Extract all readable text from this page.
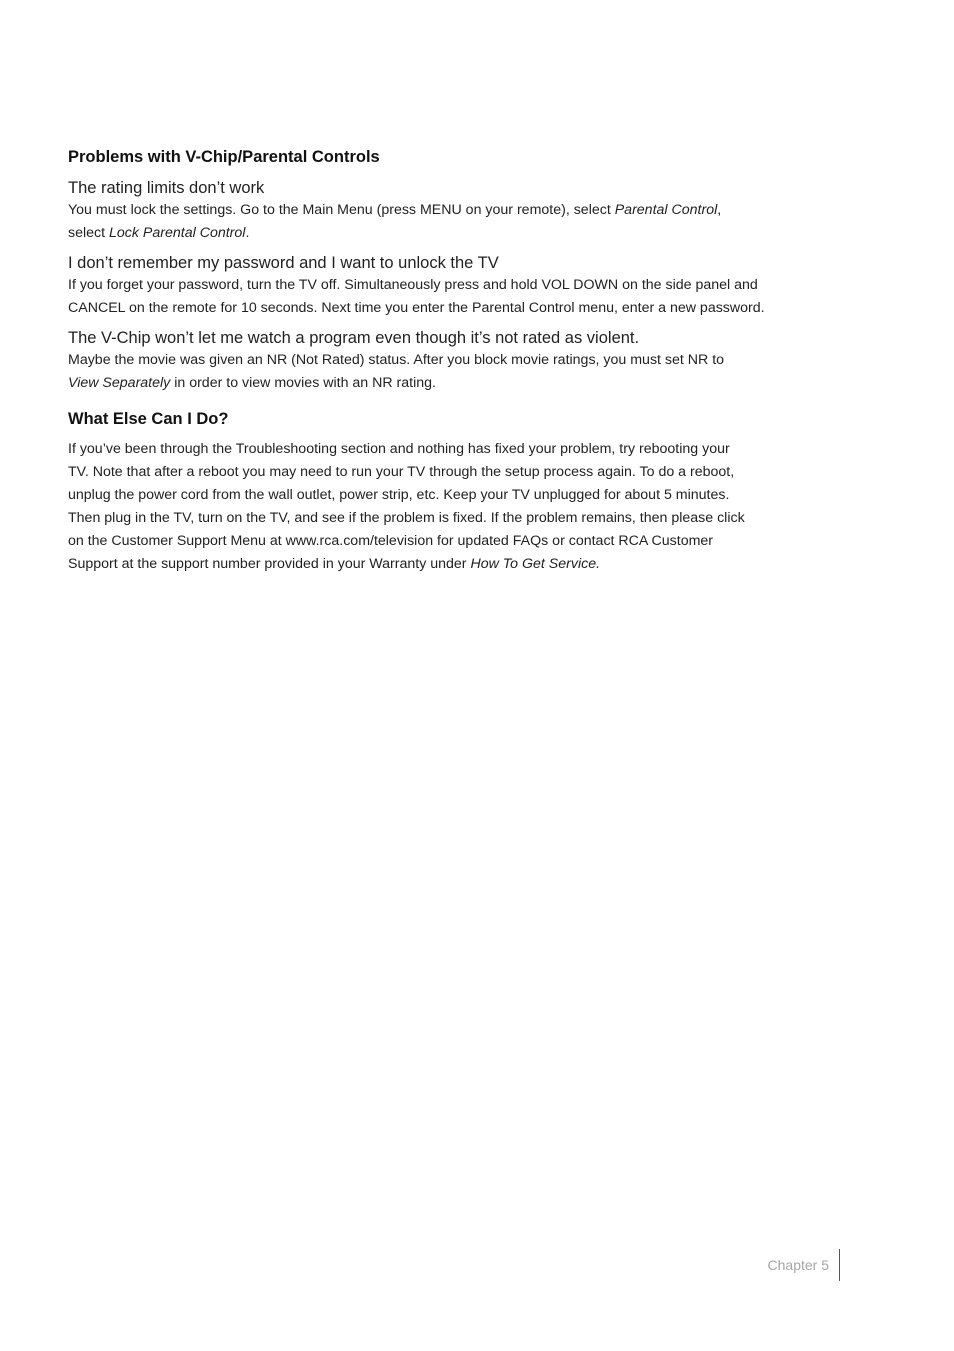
Problems with V-Chip/Parental Controls

The rating limits don’t work

You must lock the settings. Go to the Main Menu (press MENU on your remote), select Parental Control,
select Lock Parental Control.

I don’t remember my password and I want to unlock the TV

If you forget your password, turn the TV off. Simultaneously press and hold VOL DOWN on the side panel and
CANCEL on the remote for 10 seconds. Next time you enter the Parental Control menu, enter a new password.

The V-Chip won’t let me watch a program even though it’s not rated as violent.

Maybe the movie was given an NR (Not Rated) status. After you block movie ratings, you must set NR to
View Separately in order to view movies with an NR rating.

What Else Can I Do?

If you’ve been through the Troubleshooting section and nothing has fixed your problem, try rebooting your
TV. Note that after a reboot you may need to run your TV through the setup process again. To do a reboot,
unplug the power cord from the wall outlet, power strip, etc. Keep your TV unplugged for about 5 minutes.
Then plug in the TV, turn on the TV, and see if the problem is fixed. If the problem remains, then please click
on the Customer Support Menu at www.rca.com/television for updated FAQs or contact RCA Customer
Support at the support number provided in your Warranty under How To Get Service.

Chapter 5
